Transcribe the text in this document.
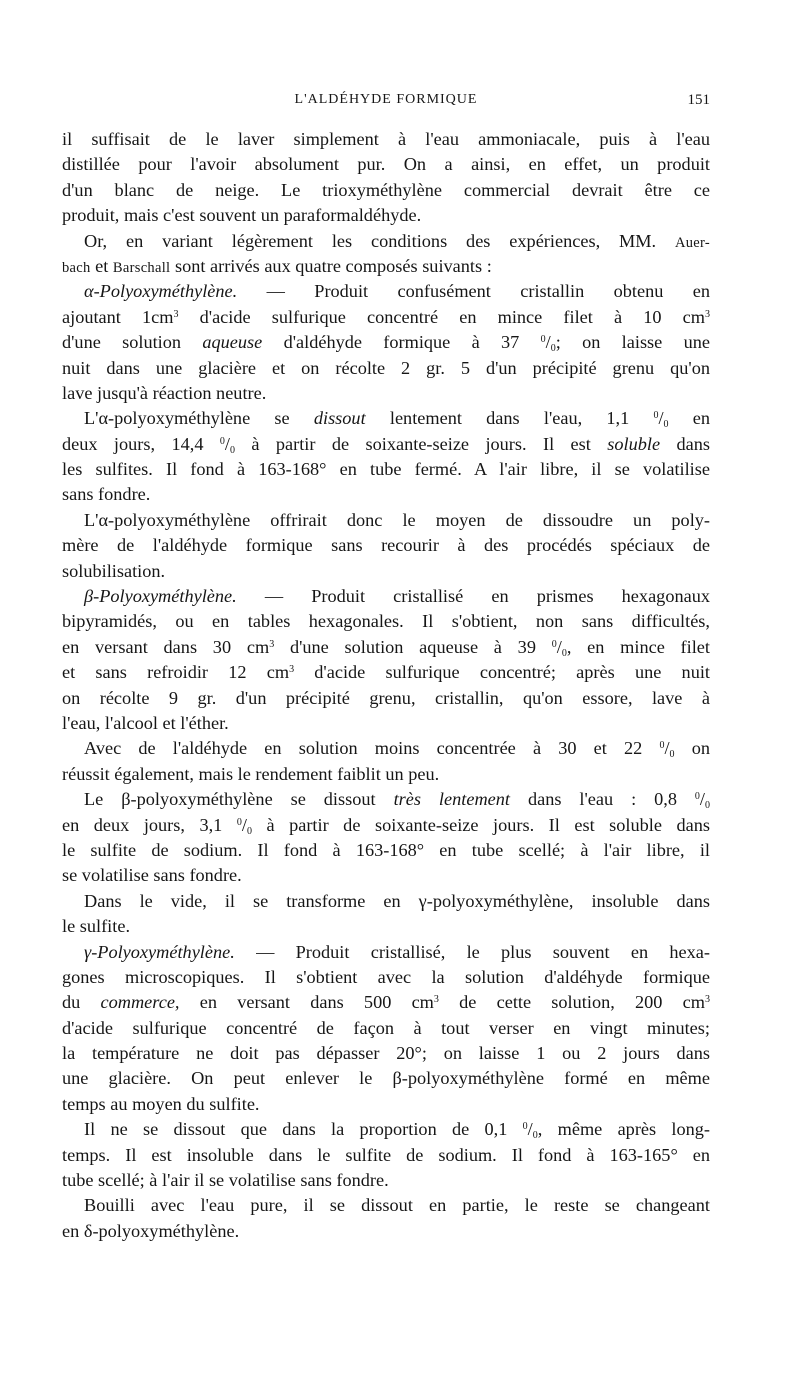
L'ALDÉHYDE FORMIQUE	151
il suffisait de le laver simplement à l'eau ammoniacale, puis à l'eau
distillée pour l'avoir absolument pur. On a ainsi, en effet, un produit
d'un blanc de neige. Le trioxyméthylène commercial devrait être ce
produit, mais c'est souvent un paraformaldéhyde.
Or, en variant légèrement les conditions des expériences, MM. Auer-
bach et Barschall sont arrivés aux quatre composés suivants :
α-Polyoxyméthylène. — Produit confusément cristallin obtenu en
ajoutant $1cm^3$ d'acide sulfurique concentré en mince filet à 10 $cm^3$
d'une solution aqueuse d'aldéhyde formique à 37 $^0/_0$; on laisse une
nuit dans une glacière et on récolte 2 gr. 5 d'un précipité grenu qu'on
lave jusqu'à réaction neutre.
L'α-polyoxyméthylène se dissout lentement dans l'eau, 1,1 $^0/_0$ en
deux jours, 14,4 $^0/_0$ à partir de soixante-seize jours. Il est soluble dans
les sulfites. Il fond à 163-168° en tube fermé. A l'air libre, il se volatilise
sans fondre.
L'α-polyoxyméthylène offrirait donc le moyen de dissoudre un poly-
mère de l'aldéhyde formique sans recourir à des procédés spéciaux de
solubilisation.
β-Polyoxyméthylène. — Produit cristallisé en prismes hexagonaux
bipyramidés, ou en tables hexagonales. Il s'obtient, non sans difficultés,
en versant dans 30 $cm^3$ d'une solution aqueuse à 39 $^0/_0$, en mince filet
et sans refroidir 12 $cm^3$ d'acide sulfurique concentré; après une nuit
on récolte 9 gr. d'un précipité grenu, cristallin, qu'on essore, lave à
l'eau, l'alcool et l'éther.
Avec de l'aldéhyde en solution moins concentrée à 30 et 22 $^0/_0$ on
réussit également, mais le rendement faiblit un peu.
Le β-polyoxyméthylène se dissout très lentement dans l'eau : 0,8 $^0/_0$
en deux jours, 3,1 $^0/_0$ à partir de soixante-seize jours. Il est soluble dans
le sulfite de sodium. Il fond à 163-168° en tube scellé; à l'air libre, il
se volatilise sans fondre.
Dans le vide, il se transforme en γ-polyoxyméthylène, insoluble dans
le sulfite.
γ-Polyoxyméthylène. — Produit cristallisé, le plus souvent en hexa-
gones microscopiques. Il s'obtient avec la solution d'aldéhyde formique
du commerce, en versant dans 500 $cm^3$ de cette solution, 200 $cm^3$
d'acide sulfurique concentré de façon à tout verser en vingt minutes;
la température ne doit pas dépasser 20°; on laisse 1 ou 2 jours dans
une glacière. On peut enlever le β-polyoxyméthylène formé en même
temps au moyen du sulfite.
Il ne se dissout que dans la proportion de 0,1 $^0/_0$, même après long-
temps. Il est insoluble dans le sulfite de sodium. Il fond à 163-165° en
tube scellé; à l'air il se volatilise sans fondre.
Bouilli avec l'eau pure, il se dissout en partie, le reste se changeant
en δ-polyoxyméthylène.
